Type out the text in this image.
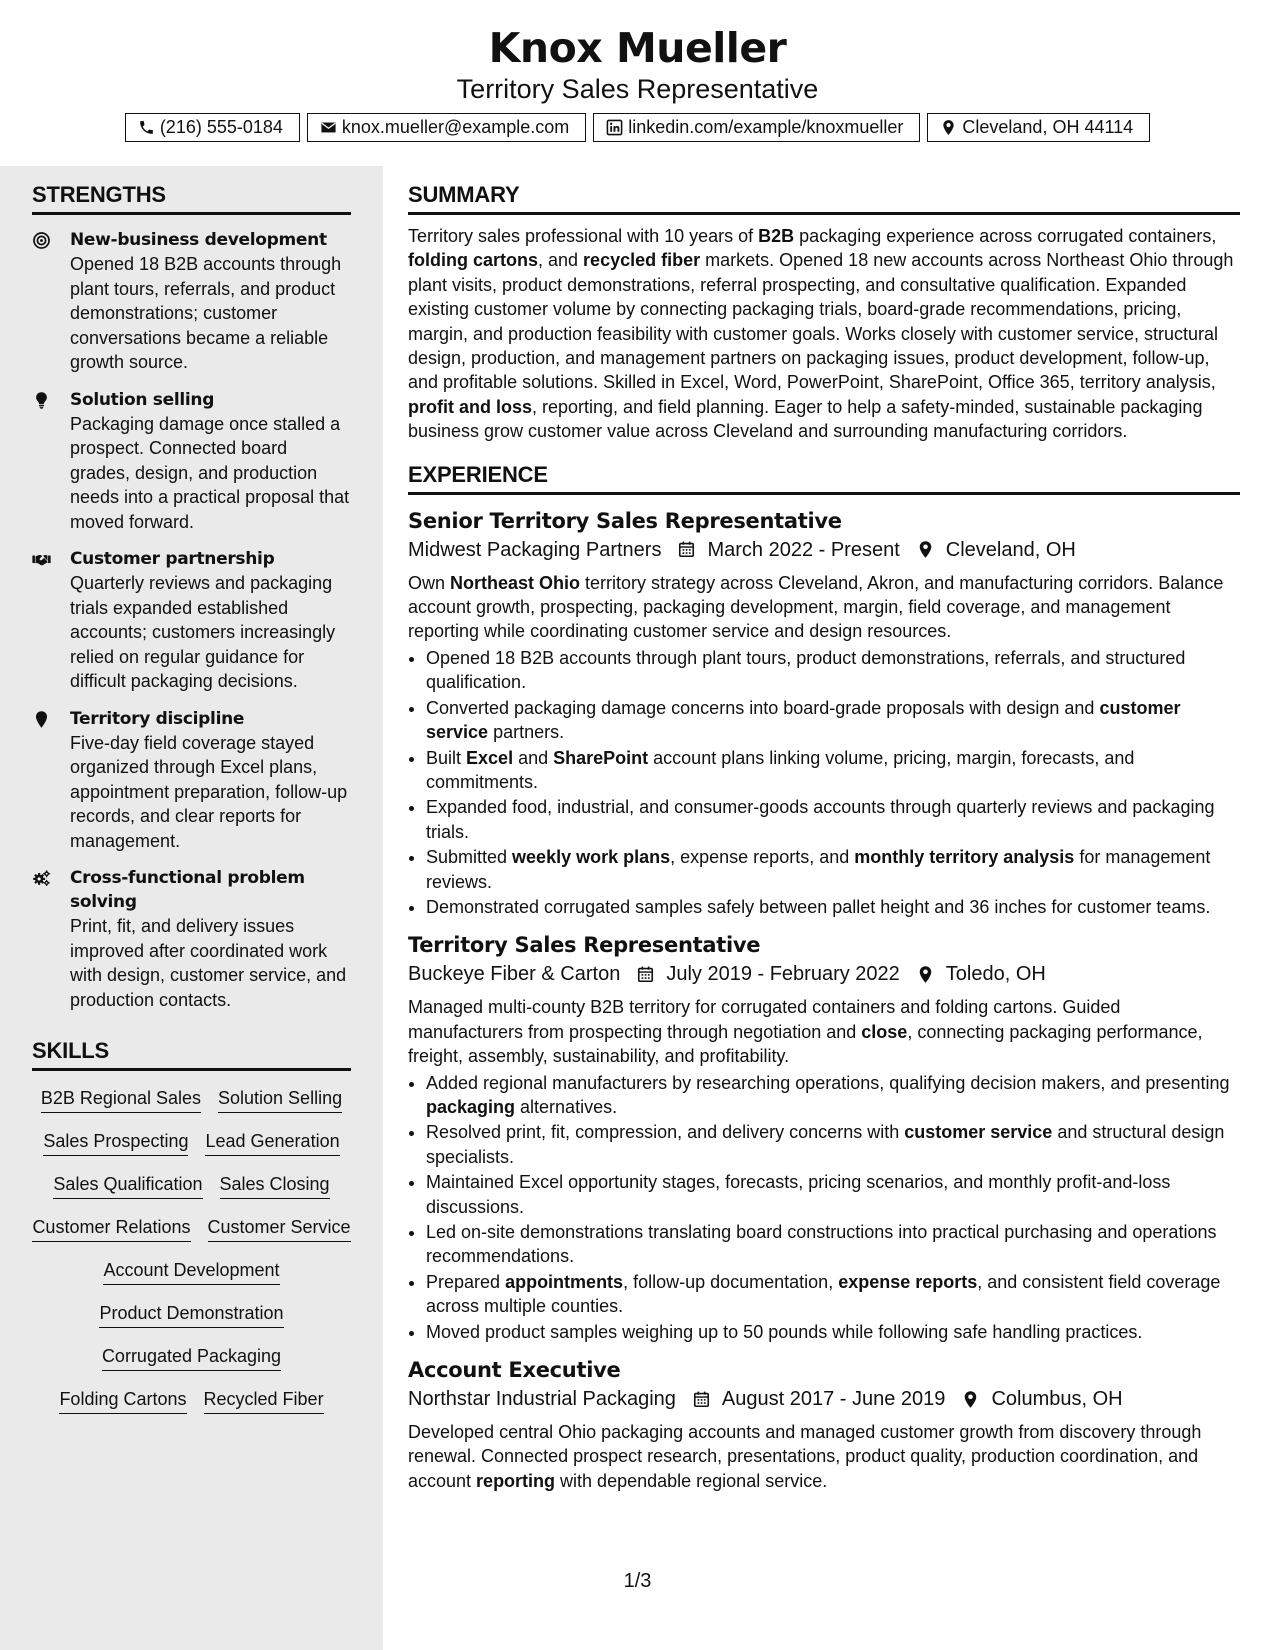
Knox Mueller
Territory Sales Representative
(216) 555-0184	knox.mueller@example.com	linkedin.com/example/knoxmueller	Cleveland, OH 44114
STRENGTHS
New-business development
Opened 18 B2B accounts through plant tours, referrals, and product demonstrations; customer conversations became a reliable growth source.
Solution selling
Packaging damage once stalled a prospect. Connected board grades, design, and production needs into a practical proposal that moved forward.
Customer partnership
Quarterly reviews and packaging trials expanded established accounts; customers increasingly relied on regular guidance for difficult packaging decisions.
Territory discipline
Five-day field coverage stayed organized through Excel plans, appointment preparation, follow-up records, and clear reports for management.
Cross-functional problem solving
Print, fit, and delivery issues improved after coordinated work with design, customer service, and production contacts.
SKILLS
B2B Regional Sales Solution Selling
Sales Prospecting Lead Generation
Sales Qualification Sales Closing
Customer Relations Customer Service
Account Development
Product Demonstration
Corrugated Packaging
Folding Cartons Recycled Fiber
SUMMARY

Territory sales professional with 10 years of B2B packaging experience across corrugated containers, folding cartons, and recycled fiber markets. Opened 18 new accounts across Northeast Ohio through plant visits, product demonstrations, referral prospecting, and consultative qualification. Expanded existing customer volume by connecting packaging trials, board-grade recommendations, pricing, margin, and production feasibility with customer goals. Works closely with customer service, structural design, production, and management partners on packaging issues, product development, follow-up, and profitable solutions. Skilled in Excel, Word, PowerPoint, SharePoint, Office 365, territory analysis, profit and loss, reporting, and field planning. Eager to help a safety-minded, sustainable packaging business grow customer value across Cleveland and surrounding manufacturing corridors.

EXPERIENCE
Senior Territory Sales Representative
Midwest Packaging Partners March 2022 - Present Cleveland, OH

Own Northeast Ohio territory strategy across Cleveland, Akron, and manufacturing corridors. Balance account growth, prospecting, packaging development, margin, field coverage, and management reporting while coordinating customer service and design resources.

• Opened 18 B2B accounts through plant tours, product demonstrations, referrals, and structured qualification.
• Converted packaging damage concerns into board-grade proposals with design and customer service partners.
• Built Excel and SharePoint account plans linking volume, pricing, margin, forecasts, and commitments.
• Expanded food, industrial, and consumer-goods accounts through quarterly reviews and packaging trials.
• Submitted weekly work plans, expense reports, and monthly territory analysis for management reviews.
• Demonstrated corrugated samples safely between pallet height and 36 inches for customer teams.
Territory Sales Representative
Buckeye Fiber & Carton July 2019 - February 2022 Toledo, OH

Managed multi-county B2B territory for corrugated containers and folding cartons. Guided manufacturers from prospecting through negotiation and close, connecting packaging performance, freight, assembly, sustainability, and profitability.

• Added regional manufacturers by researching operations, qualifying decision makers, and presenting packaging alternatives.
• Resolved print, fit, compression, and delivery concerns with customer service and structural design specialists.
• Maintained Excel opportunity stages, forecasts, pricing scenarios, and monthly profit-and-loss discussions.
• Led on-site demonstrations translating board constructions into practical purchasing and operations recommendations.
• Prepared appointments, follow-up documentation, expense reports, and consistent field coverage across multiple counties.
• Moved product samples weighing up to 50 pounds while following safe handling practices.
Account Executive
Northstar Industrial Packaging August 2017 - June 2019 Columbus, OH

Developed central Ohio packaging accounts and managed customer growth from discovery through renewal. Connected prospect research, presentations, product quality, production coordination, and account reporting with dependable regional service.

1/3
